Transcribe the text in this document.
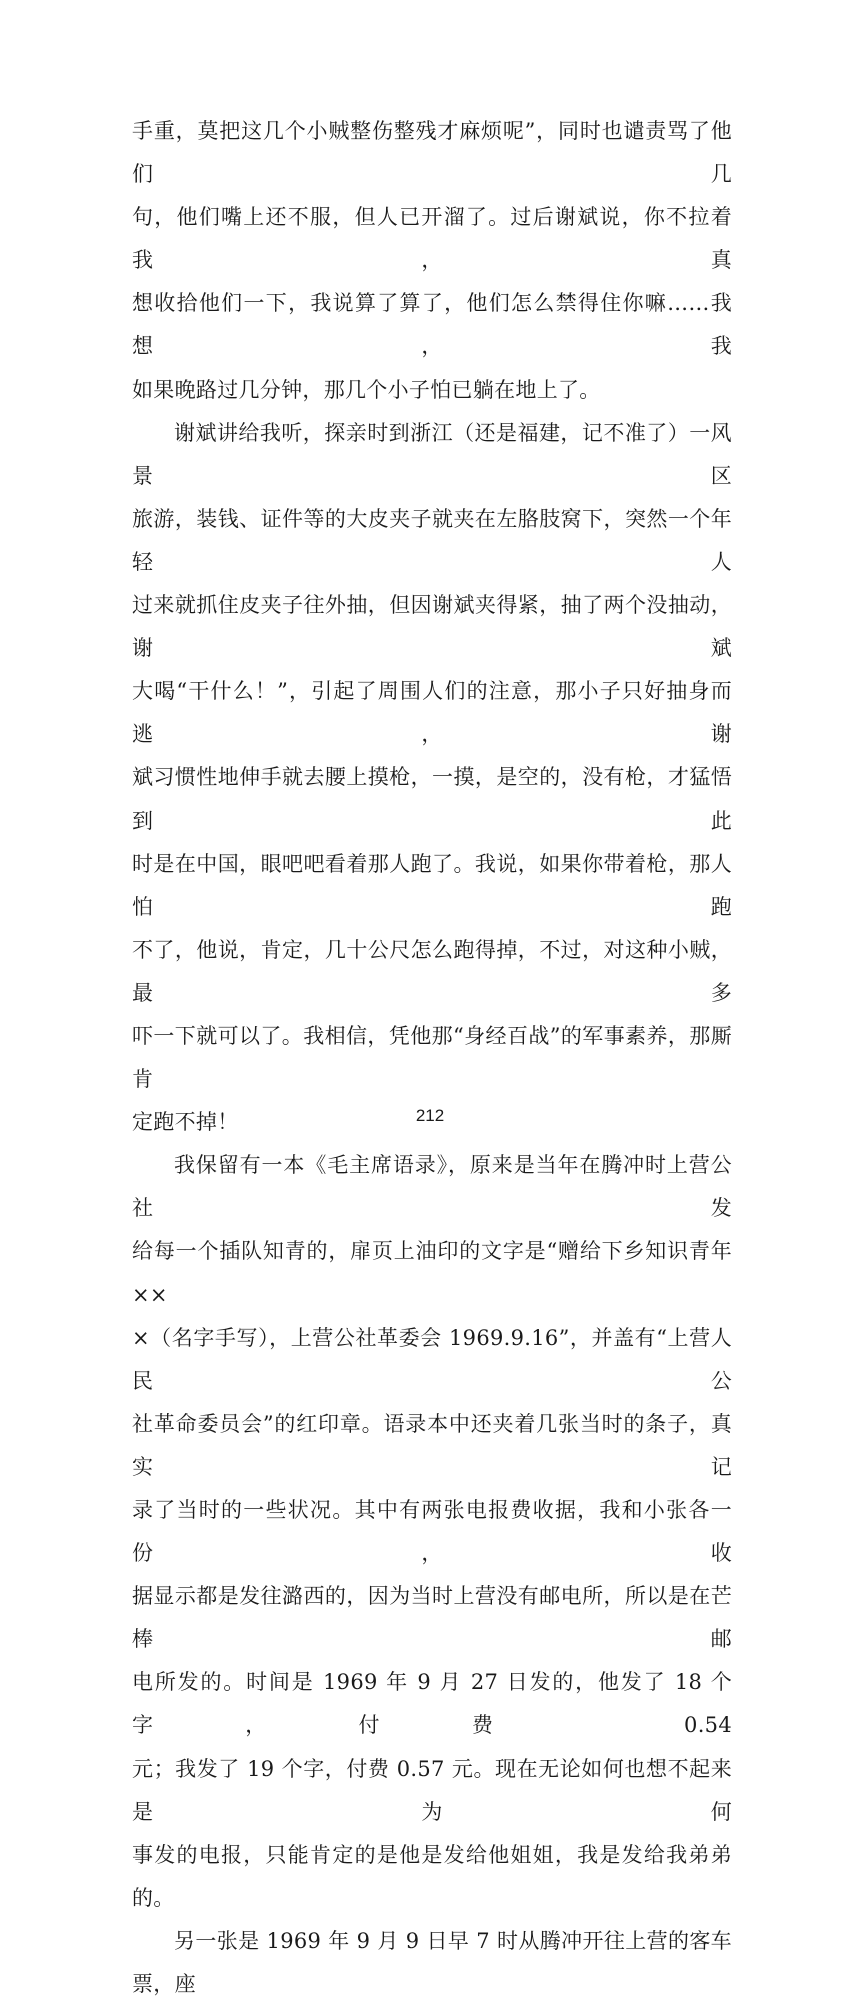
手重，莫把这几个小贼整伤整残才麻烦呢”，同时也谴责骂了他们几
句，他们嘴上还不服，但人已开溜了。过后谢斌说，你不拉着我，真
想收拾他们一下，我说算了算了，他们怎么禁得住你嘛……我想，我
如果晚路过几分钟，那几个小子怕已躺在地上了。
谢斌讲给我听，探亲时到浙江（还是福建，记不准了）一风景区
旅游，装钱、证件等的大皮夹子就夹在左胳肢窝下，突然一个年轻人
过来就抓住皮夹子往外抽，但因谢斌夹得紧，抽了两个没抽动，谢斌
大喝“干什么！”，引起了周围人们的注意，那小子只好抽身而逃，谢
斌习惯性地伸手就去腰上摸枪，一摸，是空的，没有枪，才猛悟到此
时是在中国，眼吧吧看着那人跑了。我说，如果你带着枪，那人怕跑
不了，他说，肯定，几十公尺怎么跑得掉，不过，对这种小贼，最多
吓一下就可以了。我相信，凭他那“身经百战”的军事素养，那厮肯
定跑不掉！
我保留有一本《毛主席语录》，原来是当年在腾冲时上营公社发
给每一个插队知青的，扉页上油印的文字是“赠给下乡知识青年××
×（名字手写），上营公社革委会 1969.9.16”，并盖有“上营人民公
社革命委员会”的红印章。语录本中还夹着几张当时的条子，真实记
录了当时的一些状况。其中有两张电报费收据，我和小张各一份，收
据显示都是发往潞西的，因为当时上营没有邮电所，所以是在芒棒邮
电所发的。时间是 1969 年 9 月 27 日发的，他发了 18 个字，付费 0.54
元；我发了 19 个字，付费 0.57 元。现在无论如何也想不起来是为何
事发的电报，只能肯定的是他是发给他姐姐，我是发给我弟弟的。
另一张是 1969 年 9 月 9 日早 7 时从腾冲开往上营的客车票，座
212
